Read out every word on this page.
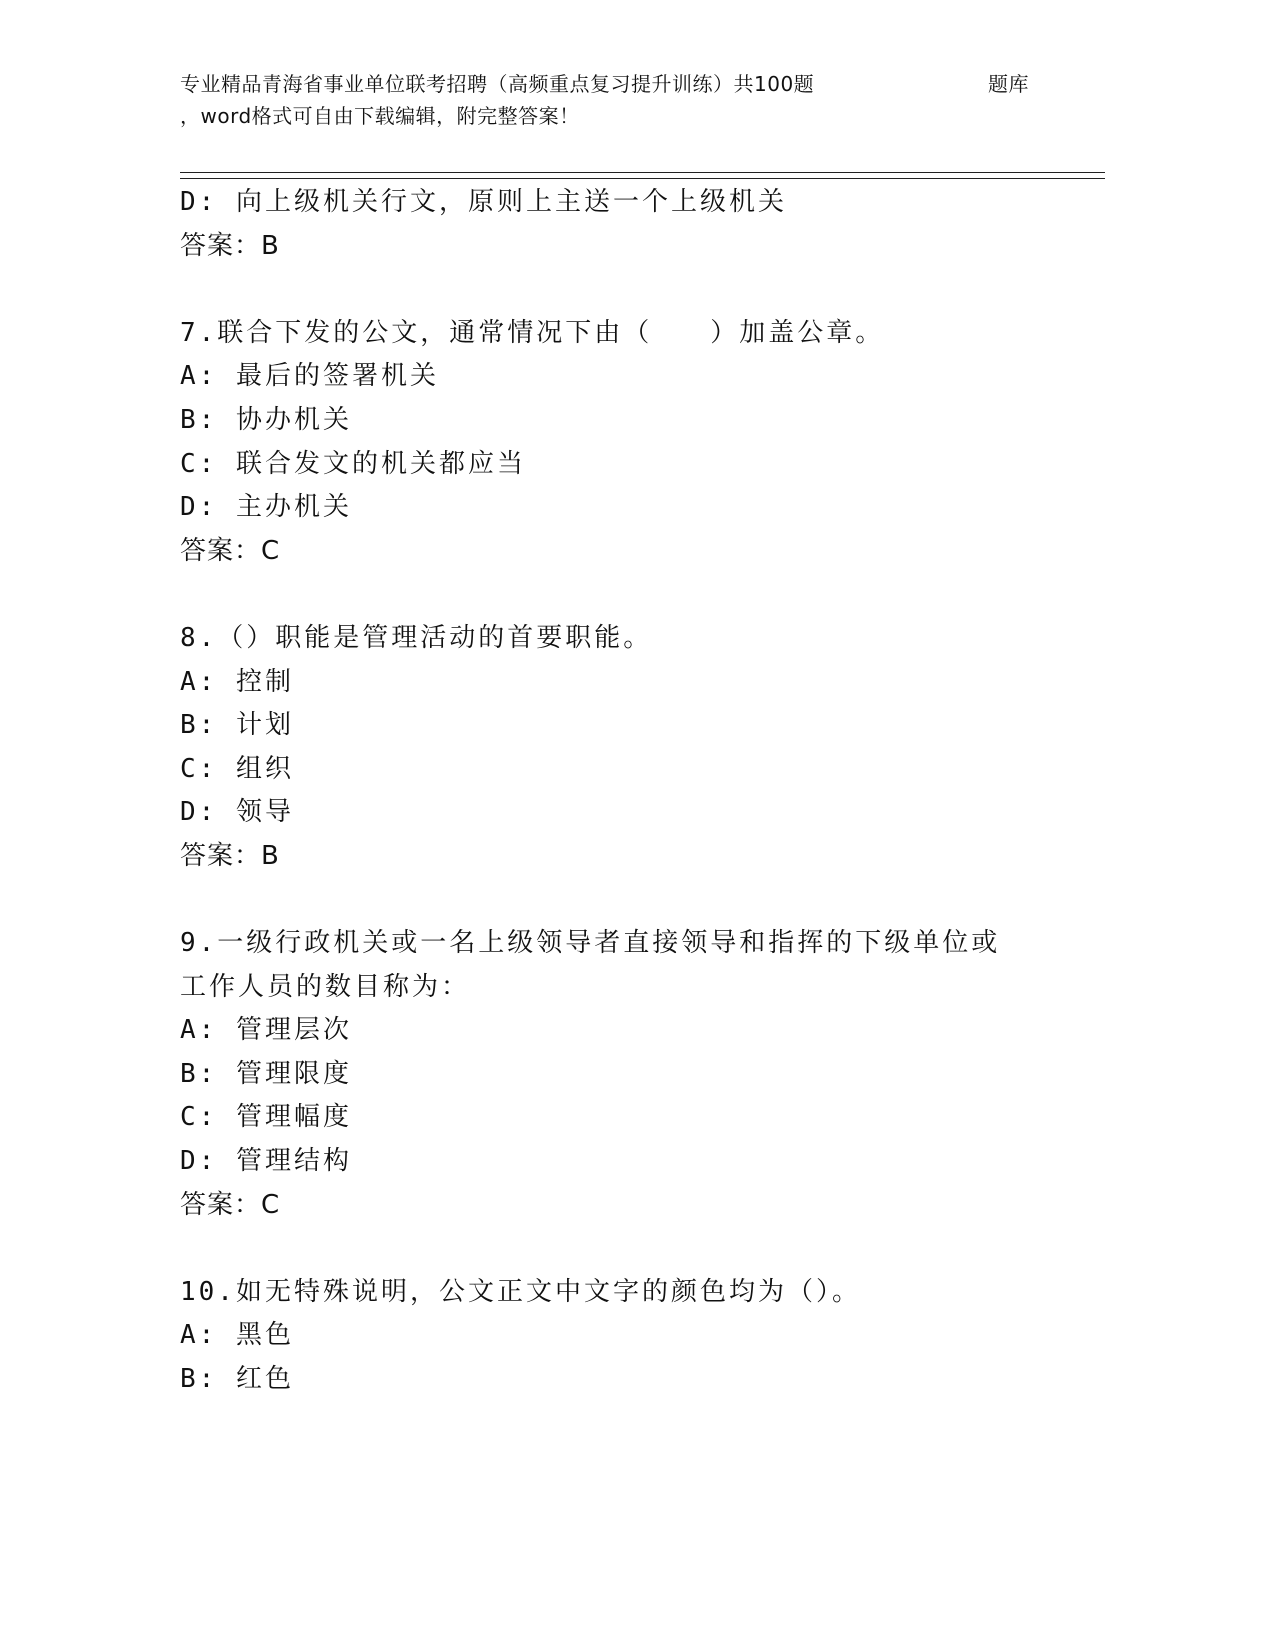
专业精品青海省事业单位联考招聘（高频重点复习提升训练）共100题	题库
，word格式可自由下载编辑，附完整答案！
D: 向上级机关行文，原则上主送一个上级机关
答案：B
7.联合下发的公文，通常情况下由（　　）加盖公章。
A: 最后的签署机关
B: 协办机关
C: 联合发文的机关都应当
D: 主办机关
答案：C
8.（）职能是管理活动的首要职能。
A: 控制
B: 计划
C: 组织
D: 领导
答案：B
9.一级行政机关或一名上级领导者直接领导和指挥的下级单位或工作人员的数目称为：
A: 管理层次
B: 管理限度
C: 管理幅度
D: 管理结构
答案：C
10.如无特殊说明，公文正文中文字的颜色均为（）。
A: 黑色
B: 红色
